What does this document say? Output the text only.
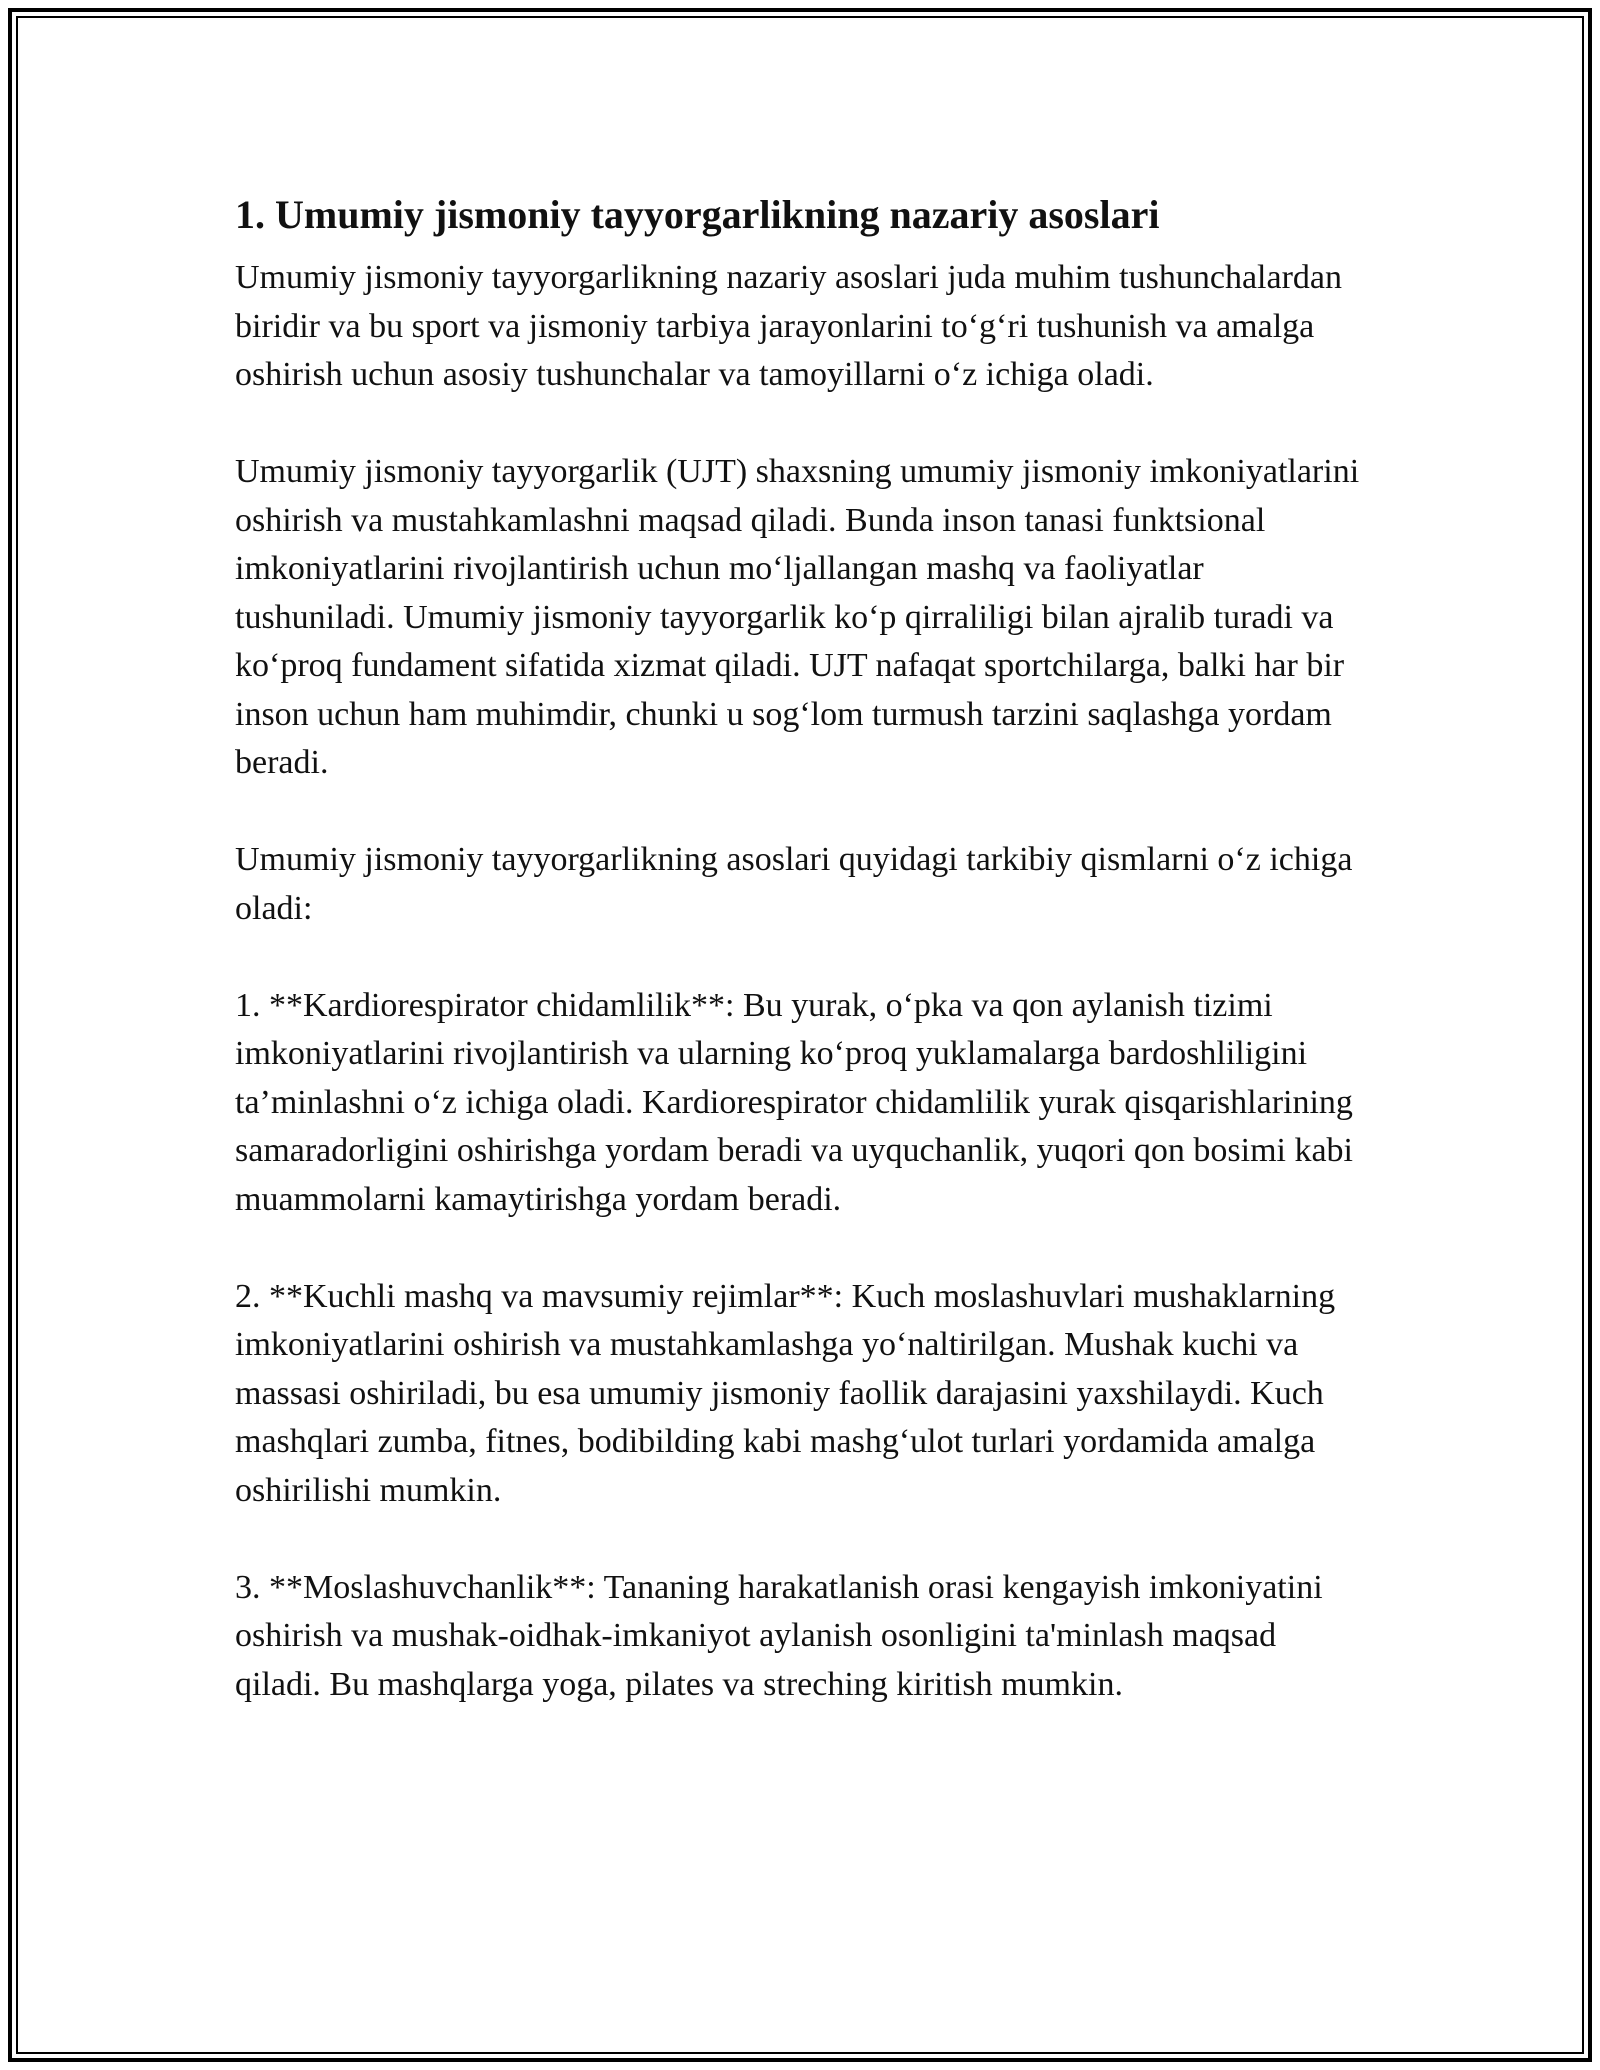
1. Umumiy jismoniy tayyorgarlikning nazariy asoslari

Umumiy jismoniy tayyorgarlikning nazariy asoslari juda muhim tushunchalardan biridir va bu sport va jismoniy tarbiya jarayonlarini to‘g‘ri tushunish va amalga oshirish uchun asosiy tushunchalar va tamoyillarni o‘z ichiga oladi.

Umumiy jismoniy tayyorgarlik (UJT) shaxsning umumiy jismoniy imkoniyatlarini oshirish va mustahkamlashni maqsad qiladi. Bunda inson tanasi funktsional imkoniyatlarini rivojlantirish uchun mo‘ljallangan mashq va faoliyatlar tushuniladi. Umumiy jismoniy tayyorgarlik ko‘p qirraliligi bilan ajralib turadi va ko‘proq fundament sifatida xizmat qiladi. UJT nafaqat sportchilarga, balki har bir inson uchun ham muhimdir, chunki u sog‘lom turmush tarzini saqlashga yordam beradi.

Umumiy jismoniy tayyorgarlikning asoslari quyidagi tarkibiy qismlarni o‘z ichiga oladi:

1. **Kardiorespirator chidamlilik**: Bu yurak, o‘pka va qon aylanish tizimi imkoniyatlarini rivojlantirish va ularning ko‘proq yuklamalarga bardoshliligini ta’minlashni o‘z ichiga oladi. Kardiorespirator chidamlilik yurak qisqarishlarining samaradorligini oshirishga yordam beradi va uyquchanlik, yuqori qon bosimi kabi muammolarni kamaytirishga yordam beradi.

2. **Kuchli mashq va mavsumiy rejimlar**: Kuch moslashuvlari mushaklarning imkoniyatlarini oshirish va mustahkamlashga yo‘naltirilgan. Mushak kuchi va massasi oshiriladi, bu esa umumiy jismoniy faollik darajasini yaxshilaydi. Kuch mashqlari zumba, fitnes, bodibilding kabi mashg‘ulot turlari yordamida amalga oshirilishi mumkin.

3. **Moslashuvchanlik**: Tananing harakatlanish orasi kengayish imkoniyatini oshirish va mushak-oidhak-imkaniyot aylanish osonligini ta'minlash maqsad qiladi. Bu mashqlarga yoga, pilates va streching kiritish mumkin.
